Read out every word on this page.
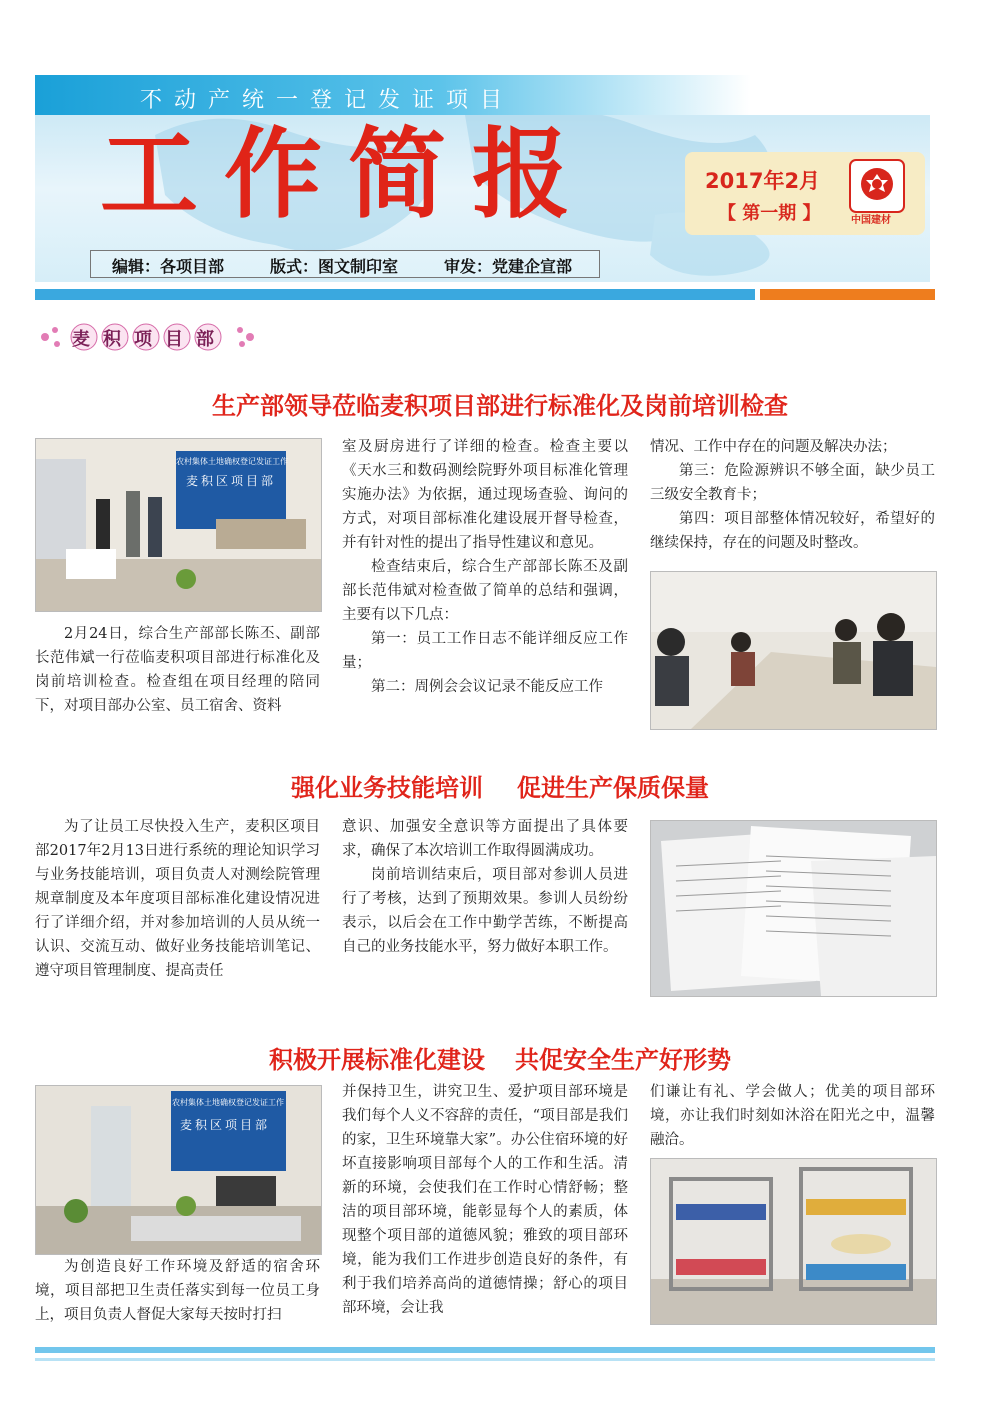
不动产统一登记发证项目
工作简报	2017年2月
【 第一期 】	中国建材
编辑：各项目部	版式：图文制印室	审发：党建企宣部
麦积项目部
生产部领导莅临麦积项目部进行标准化及岗前培训检查
农村集体土地确权登记发证工作
麦积区项目部

2月24日，综合生产部部长陈丕、副部长范伟斌一行莅临麦积项目部进行标准化及岗前培训检查。检查组在项目经理的陪同下，对项目部办公室、员工宿舍、资料

室及厨房进行了详细的检查。检查主要以《天水三和数码测绘院野外项目标准化管理实施办法》为依据，通过现场查验、询问的方式，对项目部标准化建设展开督导检查，并有针对性的提出了指导性建议和意见。

检查结束后，综合生产部部长陈丕及副部长范伟斌对检查做了简单的总结和强调，主要有以下几点：

第一：员工工作日志不能详细反应工作量；

第二：周例会会议记录不能反应工作

情况、工作中存在的问题及解决办法；

第三：危险源辨识不够全面，缺少员工三级安全教育卡；

第四：项目部整体情况较好，希望好的继续保持，存在的问题及时整改。

强化业务技能培训 促进生产保质保量

为了让员工尽快投入生产，麦积区项目部2017年2月13日进行系统的理论知识学习与业务技能培训，项目负责人对测绘院管理规章制度及本年度项目部标准化建设情况进行了详细介绍，并对参加培训的人员从统一认识、交流互动、做好业务技能培训笔记、遵守项目管理制度、提高责任

意识、加强安全意识等方面提出了具体要求，确保了本次培训工作取得圆满成功。

岗前培训结束后，项目部对参训人员进行了考核，达到了预期效果。参训人员纷纷表示，以后会在工作中勤学苦练，不断提高自己的业务技能水平，努力做好本职工作。

积极开展标准化建设 共促安全生产好形势
农村集体土地确权登记发证工作
麦积区项目部

为创造良好工作环境及舒适的宿舍环境，项目部把卫生责任落实到每一位员工身上，项目负责人督促大家每天按时打扫

并保持卫生，讲究卫生、爱护项目部环境是我们每个人义不容辞的责任，“项目部是我们的家，卫生环境靠大家”。办公住宿环境的好坏直接影响项目部每个人的工作和生活。清新的环境，会使我们在工作时心情舒畅；整洁的项目部环境，能彰显每个人的素质，体现整个项目部的道德风貌；雅致的项目部环境，能为我们工作进步创造良好的条件，有利于我们培养高尚的道德情操；舒心的项目部环境，会让我

们谦让有礼、学会做人；优美的项目部环境，亦让我们时刻如沐浴在阳光之中，温馨融洽。
